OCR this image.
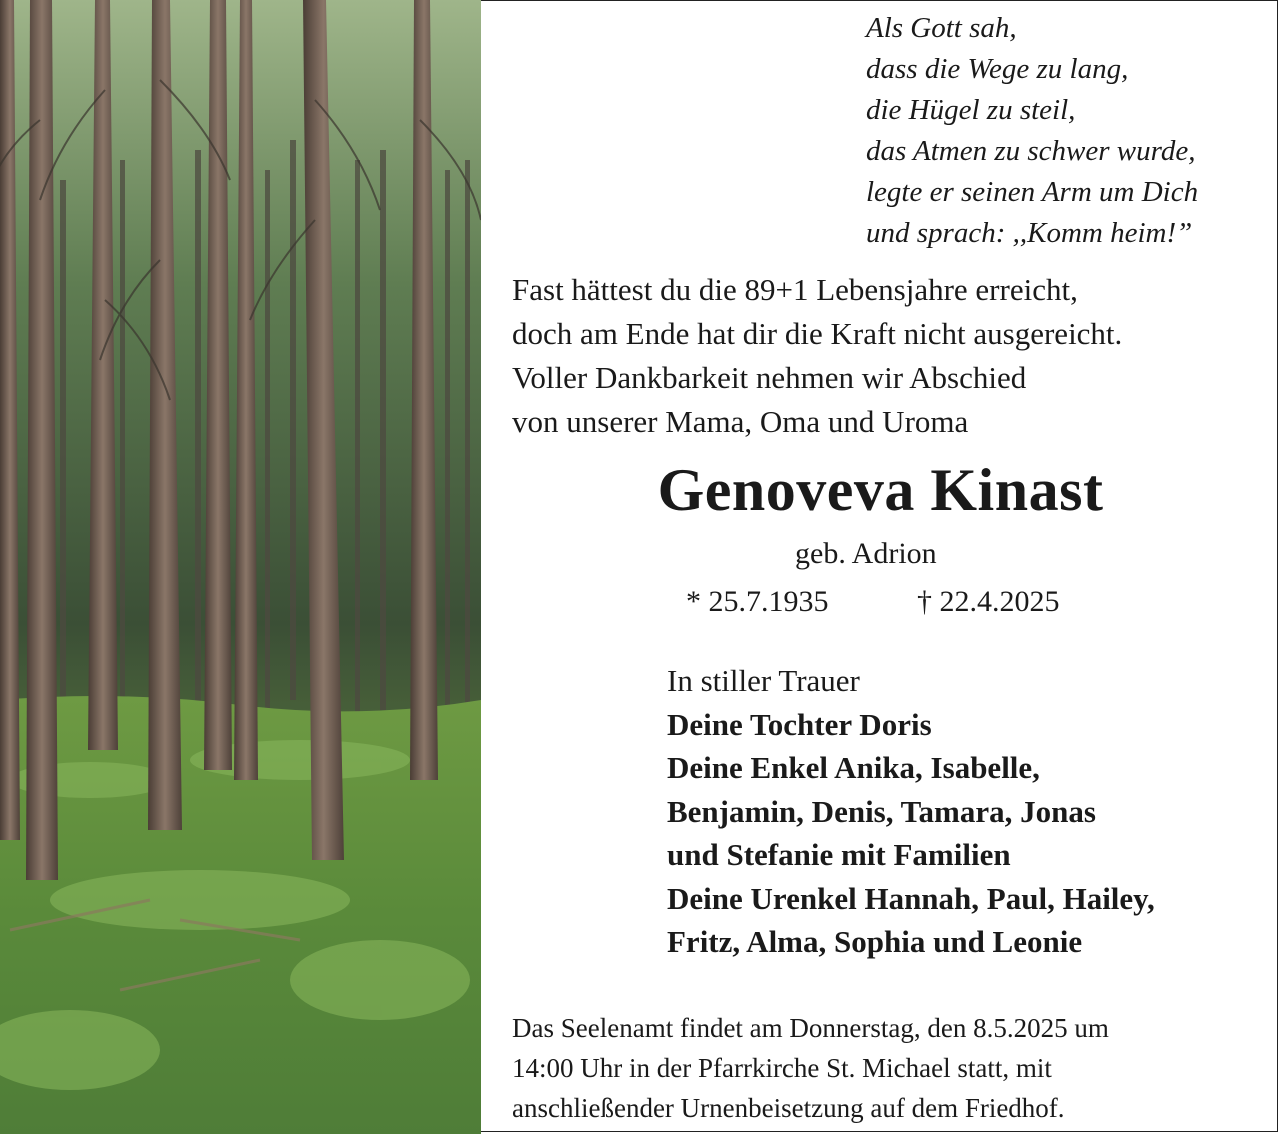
Als Gott sah,
dass die Wege zu lang,
die Hügel zu steil,
das Atmen zu schwer wurde,
legte er seinen Arm um Dich
und sprach: ,,Komm heim!”
Fast hättest du die 89+1 Lebensjahre erreicht,
doch am Ende hat dir die Kraft nicht ausgereicht.
Voller Dankbarkeit nehmen wir Abschied
von unserer Mama, Oma und Uroma
Genoveva Kinast
geb. Adrion
* 25.7.1935	† 22.4.2025
In stiller Trauer
Deine Tochter Doris
Deine Enkel Anika, Isabelle,
Benjamin, Denis, Tamara, Jonas
und Stefanie mit Familien
Deine Urenkel Hannah, Paul, Hailey,
Fritz, Alma, Sophia und Leonie
Das Seelenamt findet am Donnerstag, den 8.5.2025 um
14:00 Uhr in der Pfarrkirche St. Michael statt, mit
anschließender Urnenbeisetzung auf dem Friedhof.
